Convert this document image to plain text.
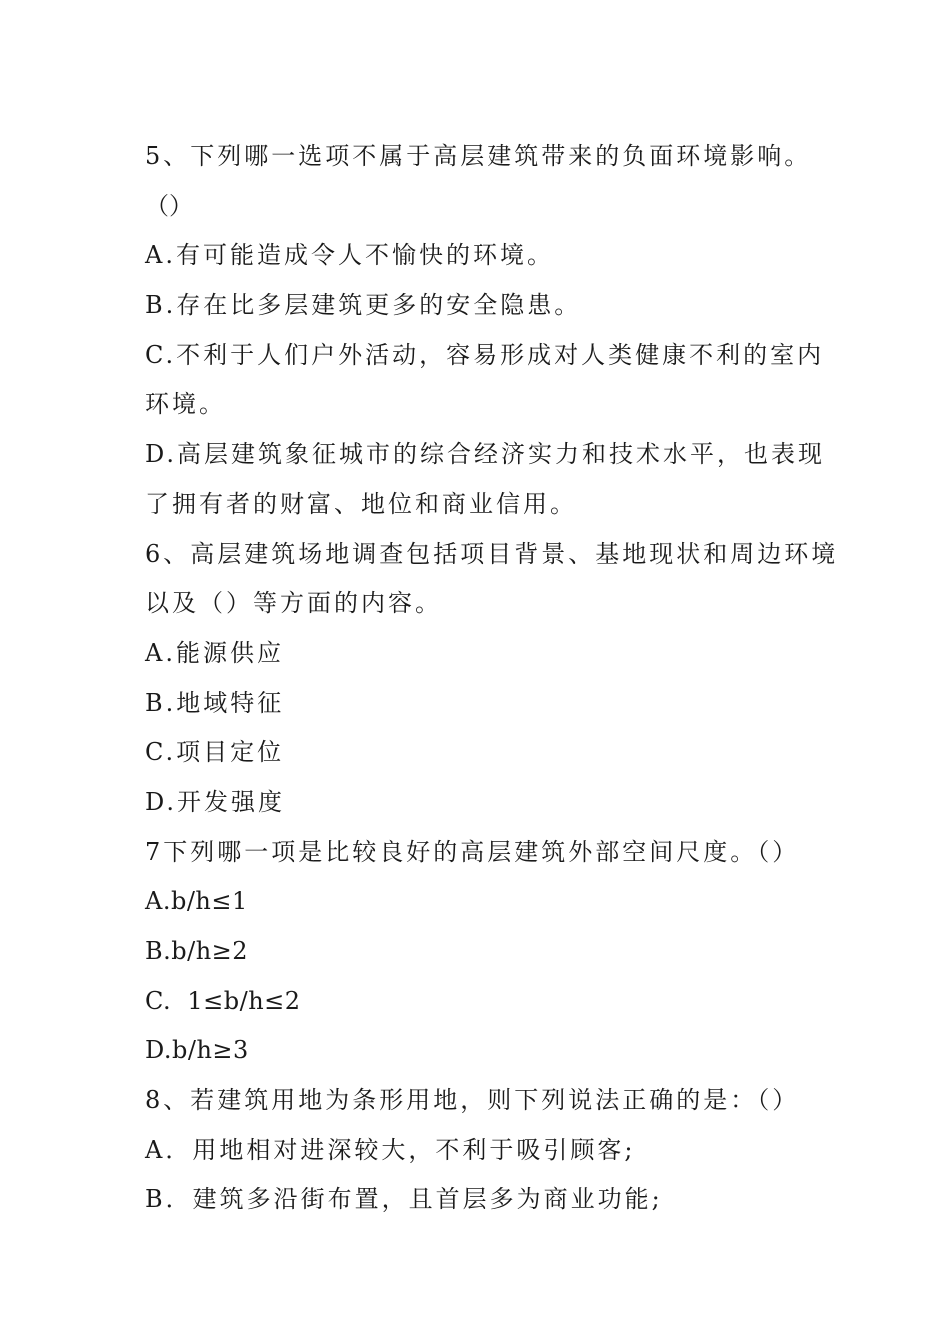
5、下列哪一选项不属于高层建筑带来的负面环境影响。
（）
A.有可能造成令人不愉快的环境。
B.存在比多层建筑更多的安全隐患。
C.不利于人们户外活动，容易形成对人类健康不利的室内
环境。
D.高层建筑象征城市的综合经济实力和技术水平，也表现
了拥有者的财富、地位和商业信用。
6、高层建筑场地调查包括项目背景、基地现状和周边环境
以及（）等方面的内容。
A.能源供应
B.地域特征
C.项目定位
D.开发强度
7下列哪一项是比较良好的高层建筑外部空间尺度。（）
A.b/h≤1
B.b/h≥2
C.  1≤b/h≤2
D.b/h≥3
8、若建筑用地为条形用地，则下列说法正确的是：（）
A．用地相对进深较大，不利于吸引顾客;
B．建筑多沿街布置，且首层多为商业功能;
